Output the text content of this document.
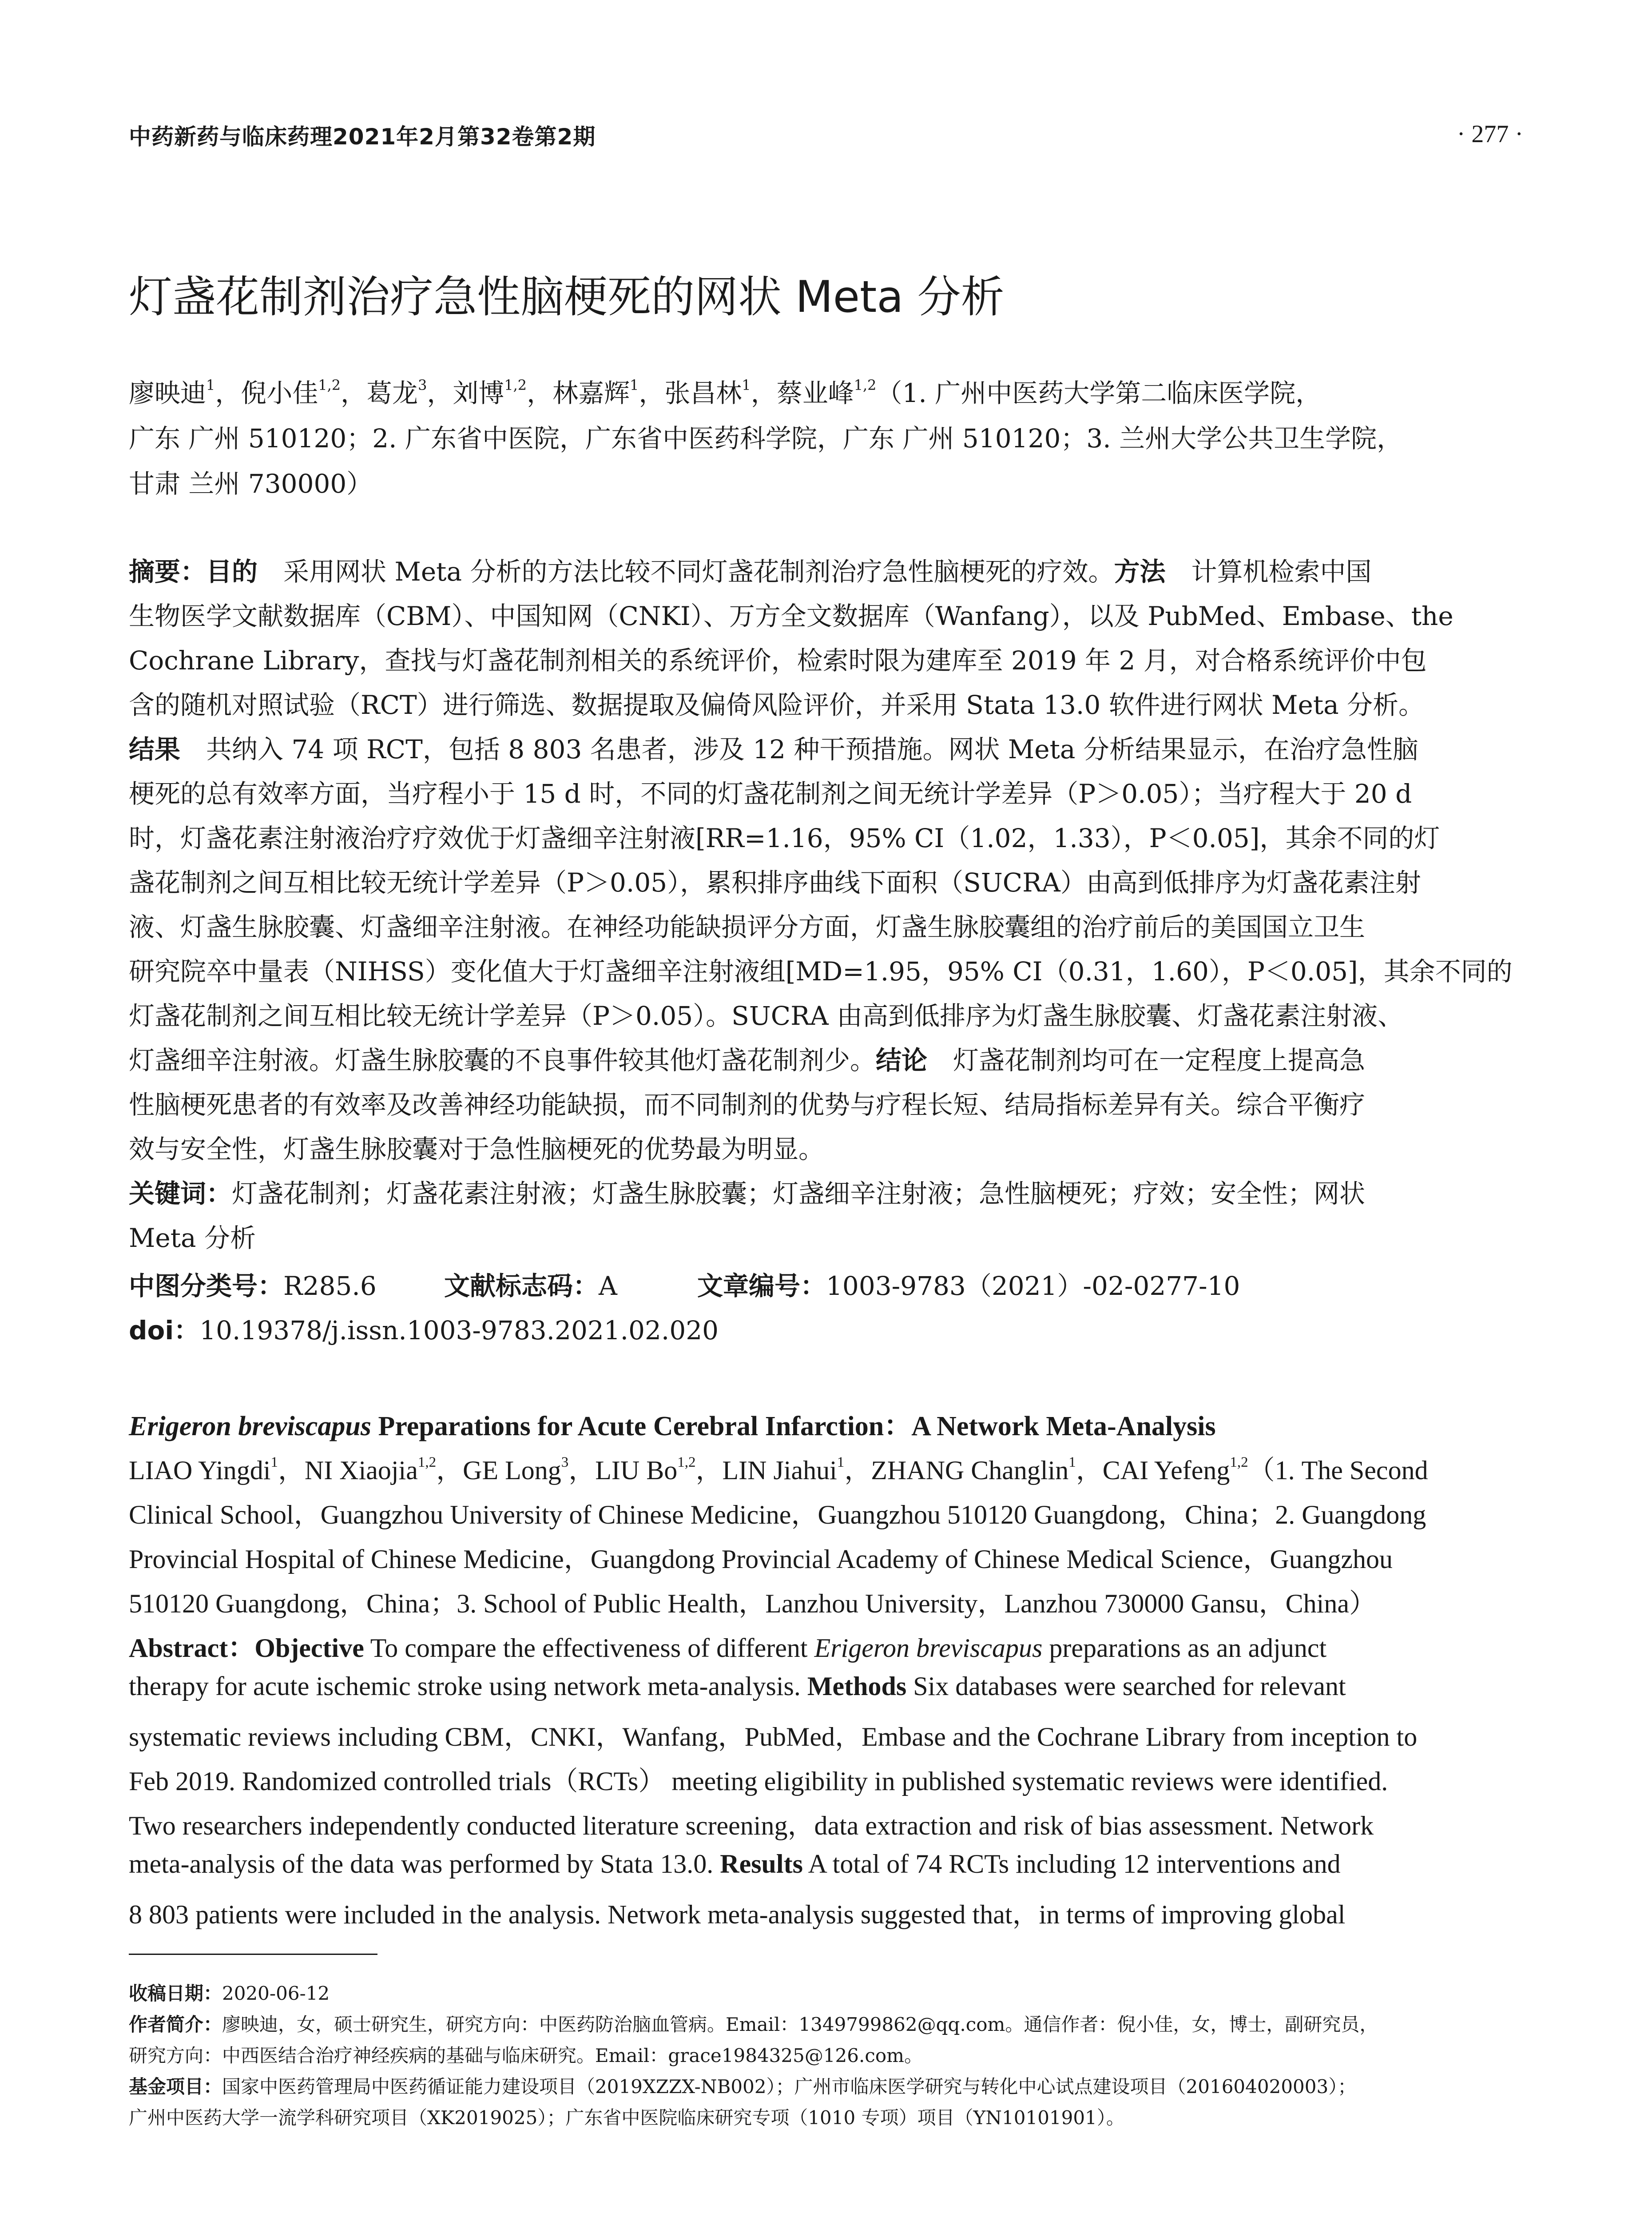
中药新药与临床药理2021年2月第32卷第2期	· 277 ·
灯盏花制剂治疗急性脑梗死的网状 Meta 分析
廖映迪$^1$，倪小佳$^{1,2}$，葛龙$^3$，刘博$^{1,2}$，林嘉辉$^1$，张昌林$^1$，蔡业峰$^{1,2}$（1. 广州中医药大学第二临床医学院，
广东 广州 510120；2. 广东省中医院，广东省中医药科学院，广东 广州 510120；3. 兰州大学公共卫生学院，
甘肃 兰州 730000）
摘要：目的　采用网状 Meta 分析的方法比较不同灯盏花制剂治疗急性脑梗死的疗效。方法　计算机检索中国
生物医学文献数据库（CBM）、中国知网（CNKI）、万方全文数据库（Wanfang），以及 PubMed、Embase、the
Cochrane Library，查找与灯盏花制剂相关的系统评价，检索时限为建库至 2019 年 2 月，对合格系统评价中包
含的随机对照试验（RCT）进行筛选、数据提取及偏倚风险评价，并采用 Stata 13.0 软件进行网状 Meta 分析。
结果　共纳入 74 项 RCT，包括 8 803 名患者，涉及 12 种干预措施。网状 Meta 分析结果显示，在治疗急性脑
梗死的总有效率方面，当疗程小于 15 d 时，不同的灯盏花制剂之间无统计学差异（P＞0.05）；当疗程大于 20 d
时，灯盏花素注射液治疗疗效优于灯盏细辛注射液[RR=1.16，95% CI（1.02，1.33），P＜0.05]，其余不同的灯
盏花制剂之间互相比较无统计学差异（P＞0.05），累积排序曲线下面积（SUCRA）由高到低排序为灯盏花素注射
液、灯盏生脉胶囊、灯盏细辛注射液。在神经功能缺损评分方面，灯盏生脉胶囊组的治疗前后的美国国立卫生
研究院卒中量表（NIHSS）变化值大于灯盏细辛注射液组[MD=1.95，95% CI（0.31，1.60），P＜0.05]，其余不同的
灯盏花制剂之间互相比较无统计学差异（P＞0.05）。SUCRA 由高到低排序为灯盏生脉胶囊、灯盏花素注射液、
灯盏细辛注射液。灯盏生脉胶囊的不良事件较其他灯盏花制剂少。结论　灯盏花制剂均可在一定程度上提高急
性脑梗死患者的有效率及改善神经功能缺损，而不同制剂的优势与疗程长短、结局指标差异有关。综合平衡疗
效与安全性，灯盏生脉胶囊对于急性脑梗死的优势最为明显。
关键词：灯盏花制剂；灯盏花素注射液；灯盏生脉胶囊；灯盏细辛注射液；急性脑梗死；疗效；安全性；网状
Meta 分析
中图分类号：R285.6	文献标志码：A	文章编号：1003-9783（2021）-02-0277-10
doi：10.19378/j.issn.1003-9783.2021.02.020
Erigeron breviscapus Preparations for Acute Cerebral Infarction：A Network Meta-Analysis
LIAO Yingdi$^1$，NI Xiaojia$^{1,2}$，GE Long$^3$，LIU Bo$^{1,2}$，LIN Jiahui$^1$，ZHANG Changlin$^1$，CAI Yefeng$^{1,2}$（1. The Second
Clinical School，Guangzhou University of Chinese Medicine，Guangzhou 510120 Guangdong，China；2. Guangdong
Provincial Hospital of Chinese Medicine，Guangdong Provincial Academy of Chinese Medical Science，Guangzhou
510120 Guangdong，China；3. School of Public Health，Lanzhou University，Lanzhou 730000 Gansu，China）
Abstract：Objective To compare the effectiveness of different Erigeron breviscapus preparations as an adjunct
therapy for acute ischemic stroke using network meta-analysis. Methods Six databases were searched for relevant
systematic reviews including CBM，CNKI，Wanfang，PubMed，Embase and the Cochrane Library from inception to
Feb 2019. Randomized controlled trials（RCTs） meeting eligibility in published systematic reviews were identified.
Two researchers independently conducted literature screening，data extraction and risk of bias assessment. Network
meta-analysis of the data was performed by Stata 13.0. Results A total of 74 RCTs including 12 interventions and
8 803 patients were included in the analysis. Network meta-analysis suggested that，in terms of improving global
收稿日期：2020-06-12
作者简介：廖映迪，女，硕士研究生，研究方向：中医药防治脑血管病。Email：1349799862@qq.com。通信作者：倪小佳，女，博士，副研究员，
研究方向：中西医结合治疗神经疾病的基础与临床研究。Email：grace1984325@126.com。
基金项目：国家中医药管理局中医药循证能力建设项目（2019XZZX-NB002）；广州市临床医学研究与转化中心试点建设项目（201604020003）；
广州中医药大学一流学科研究项目（XK2019025）；广东省中医院临床研究专项（1010 专项）项目（YN10101901）。
